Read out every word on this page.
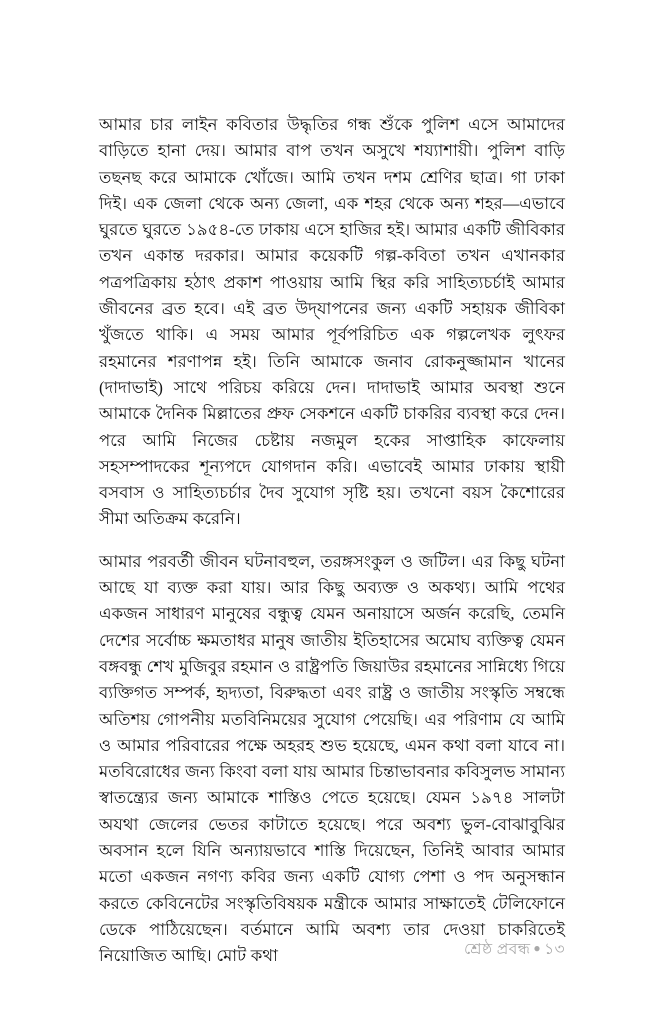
আমার চার লাইন কবিতার উদ্ধৃতির গন্ধ শুঁকে পুলিশ এসে আমাদের বাড়িতে হানা দেয়। আমার বাপ তখন অসুখে শয্যাশায়ী। পুলিশ বাড়ি তছনছ করে আমাকে খোঁজে। আমি তখন দশম শ্রেণির ছাত্র। গা ঢাকা দিই। এক জেলা থেকে অন্য জেলা, এক শহর থেকে অন্য শহর—এভাবে ঘুরতে ঘুরতে ১৯৫৪-তে ঢাকায় এসে হাজির হই। আমার একটি জীবিকার তখন একান্ত দরকার। আমার কয়েকটি গল্প-কবিতা তখন এখানকার পত্রপত্রিকায় হঠাৎ প্রকাশ পাওয়ায় আমি স্থির করি সাহিত্যচর্চাই আমার জীবনের ব্রত হবে। এই ব্রত উদ্‌যাপনের জন্য একটি সহায়ক জীবিকা খুঁজতে থাকি। এ সময় আমার পূর্বপরিচিত এক গল্পলেখক লুৎফর রহমানের শরণাপন্ন হই। তিনি আমাকে জনাব রোকনুজ্জামান খানের (দাদাভাই) সাথে পরিচয় করিয়ে দেন। দাদাভাই আমার অবস্থা শুনে আমাকে দৈনিক মিল্লাতের প্রুফ সেকশনে একটি চাকরির ব্যবস্থা করে দেন। পরে আমি নিজের চেষ্টায় নজমুল হকের সাপ্তাহিক কাফেলায় সহসম্পাদকের শূন্যপদে যোগদান করি। এভাবেই আমার ঢাকায় স্থায়ী বসবাস ও সাহিত্যচর্চার দৈব সুযোগ সৃষ্টি হয়। তখনো বয়স কৈশোরের সীমা অতিক্রম করেনি।

আমার পরবর্তী জীবন ঘটনাবহুল, তরঙ্গসংকুল ও জটিল। এর কিছু ঘটনা আছে যা ব্যক্ত করা যায়। আর কিছু অব্যক্ত ও অকথ্য। আমি পথের একজন সাধারণ মানুষের বন্ধুত্ব যেমন অনায়াসে অর্জন করেছি, তেমনি দেশের সর্বোচ্চ ক্ষমতাধর মানুষ জাতীয় ইতিহাসের অমোঘ ব্যক্তিত্ব যেমন বঙ্গবন্ধু শেখ মুজিবুর রহমান ও রাষ্ট্রপতি জিয়াউর রহমানের সান্নিধ্যে গিয়ে ব্যক্তিগত সম্পর্ক, হৃদ্যতা, বিরুদ্ধতা এবং রাষ্ট্র ও জাতীয় সংস্কৃতি সম্বন্ধে অতিশয় গোপনীয় মতবিনিময়ের সুযোগ পেয়েছি। এর পরিণাম যে আমি ও আমার পরিবারের পক্ষে অহরহ শুভ হয়েছে, এমন কথা বলা যাবে না। মতবিরোধের জন্য কিংবা বলা যায় আমার চিন্তাভাবনার কবিসুলভ সামান্য স্বাতন্ত্র্যের জন্য আমাকে শাস্তিও পেতে হয়েছে। যেমন ১৯৭৪ সালটা অযথা জেলের ভেতর কাটাতে হয়েছে। পরে অবশ্য ভুল-বোঝাবুঝির অবসান হলে যিনি অন্যায়ভাবে শাস্তি দিয়েছেন, তিনিই আবার আমার মতো একজন নগণ্য কবির জন্য একটি যোগ্য পেশা ও পদ অনুসন্ধান করতে কেবিনেটের সংস্কৃতিবিষয়ক মন্ত্রীকে আমার সাক্ষাতেই টেলিফোনে ডেকে পাঠিয়েছেন। বর্তমানে আমি অবশ্য তার দেওয়া চাকরিতেই নিয়োজিত আছি। মোট কথা	শ্রেষ্ঠ প্রবন্ধ ● ১৩
